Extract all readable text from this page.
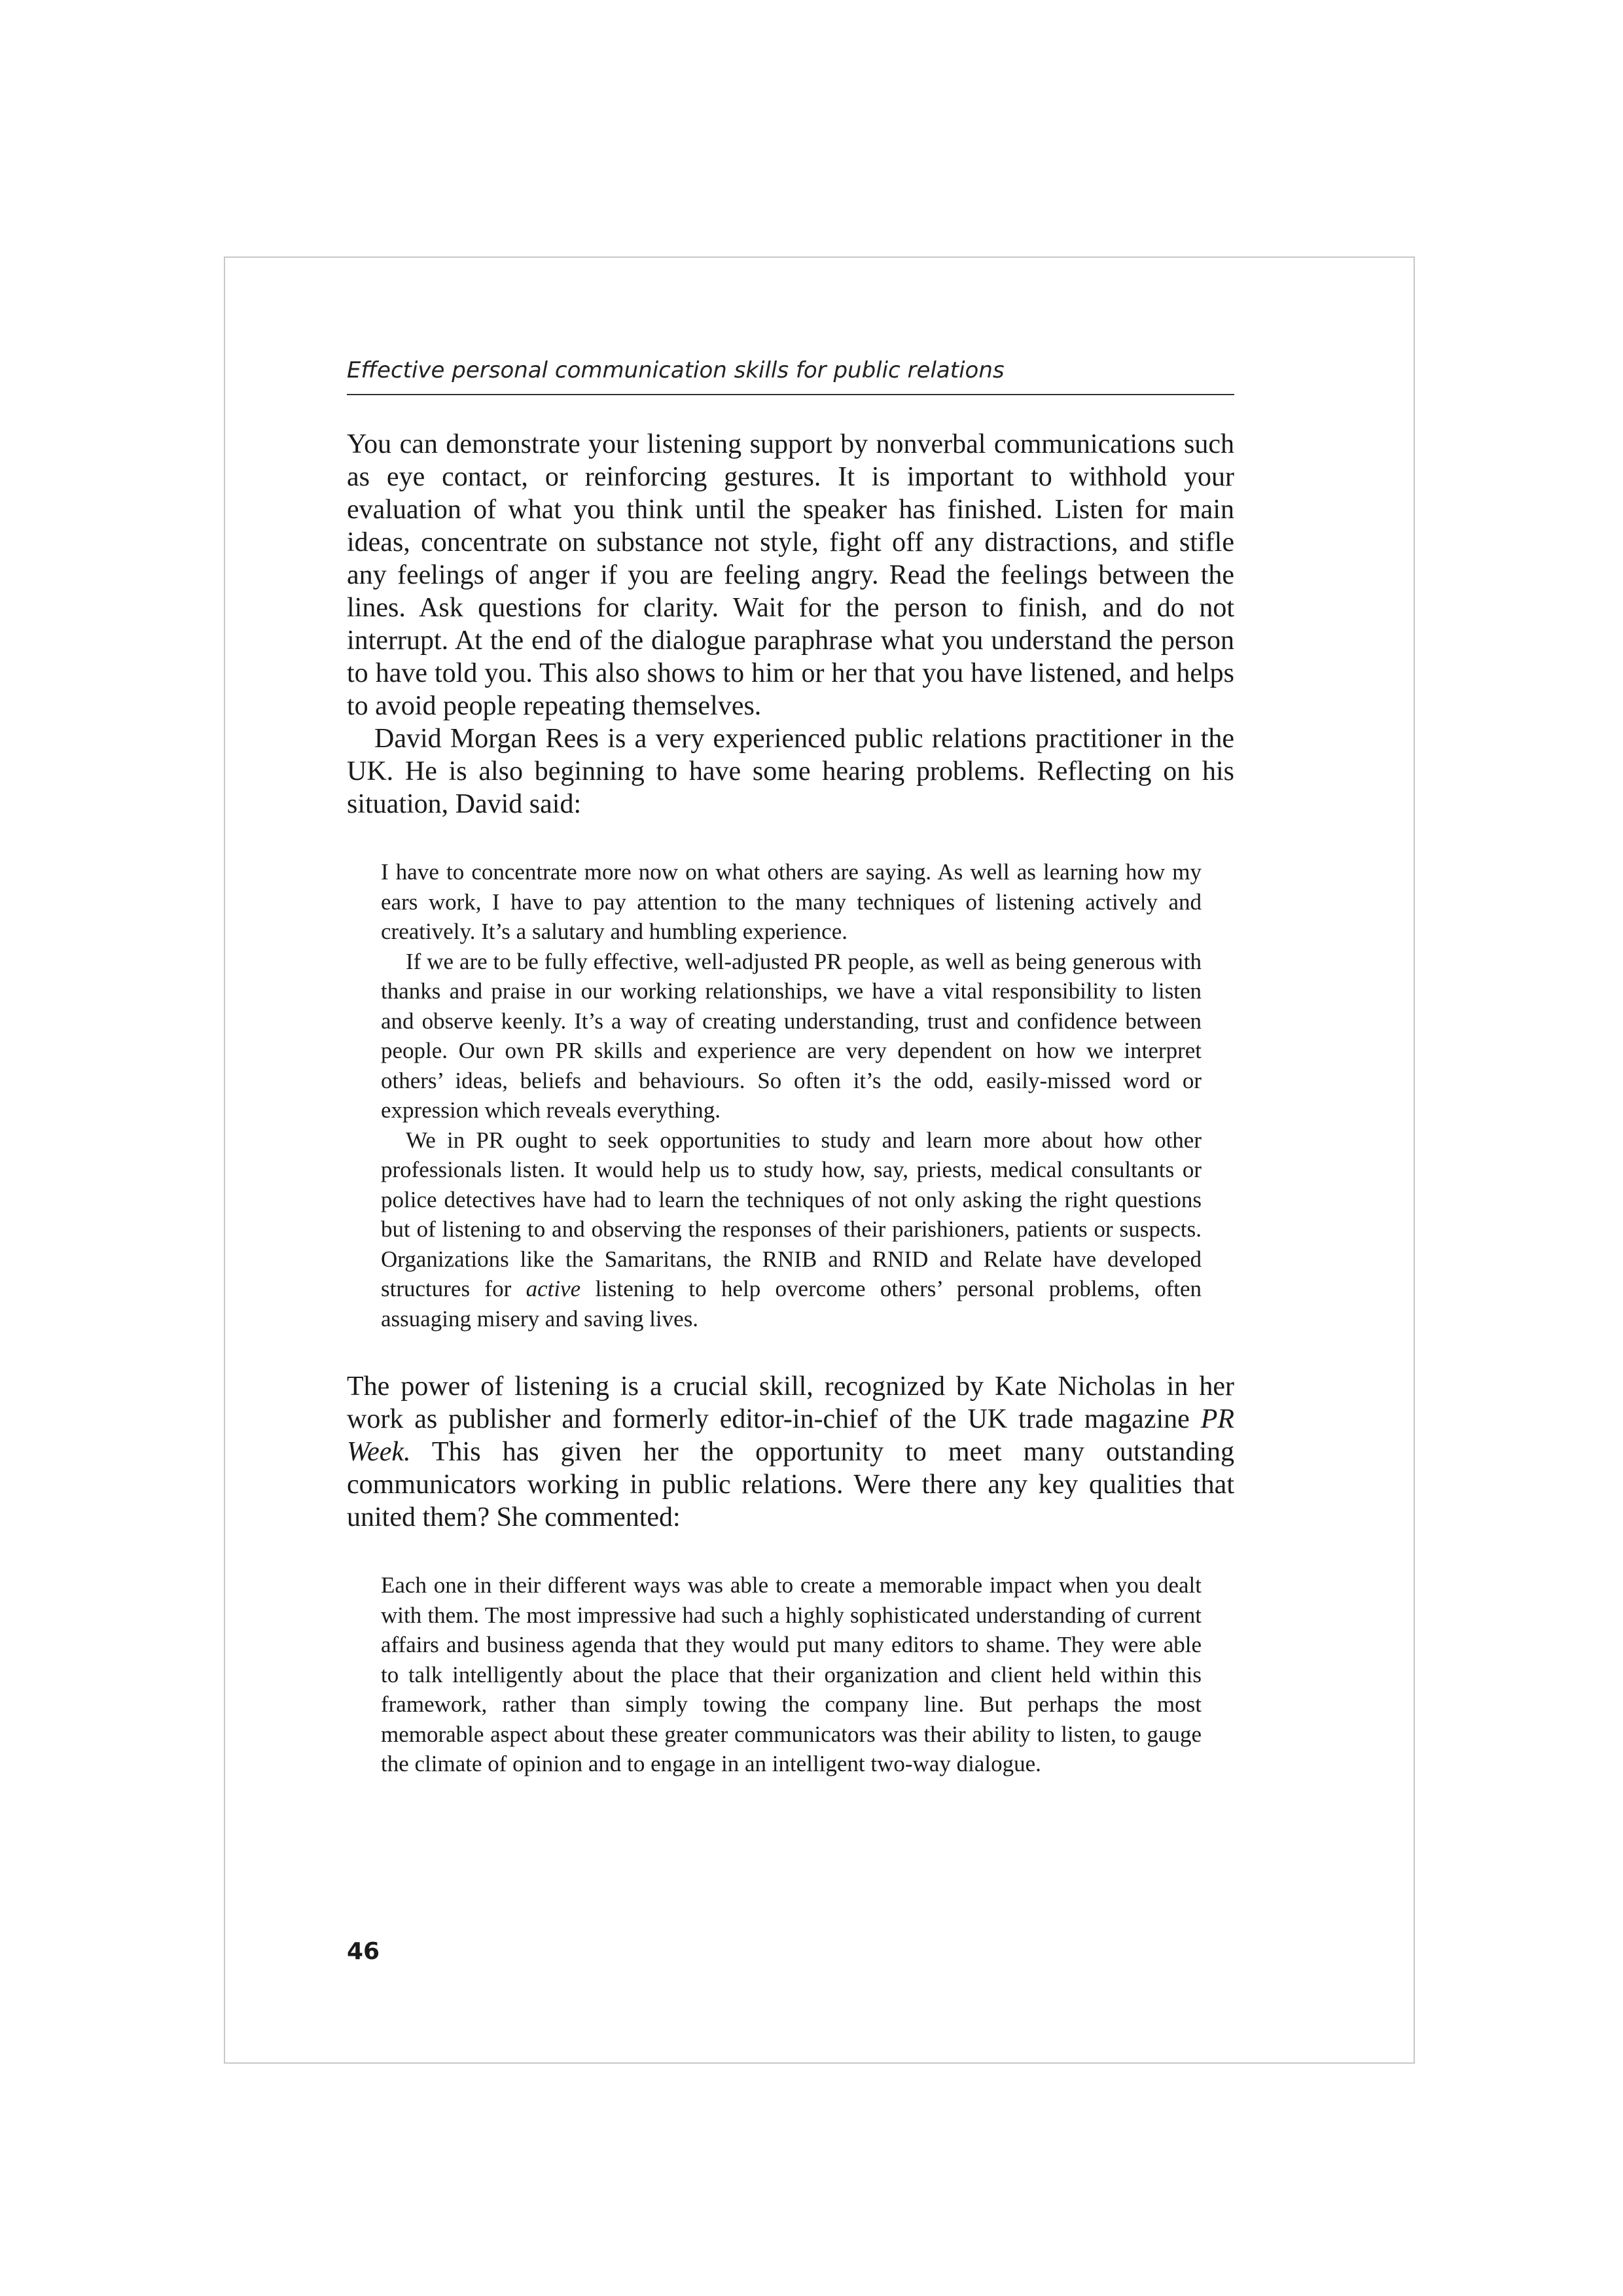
Effective personal communication skills for public relations

You can demonstrate your listening support by nonverbal communications such as eye contact, or reinforcing gestures. It is important to withhold your evaluation of what you think until the speaker has finished. Listen for main ideas, concentrate on substance not style, fight off any distractions, and stifle any feelings of anger if you are feeling angry. Read the feelings between the lines. Ask questions for clarity. Wait for the person to finish, and do not interrupt. At the end of the dialogue paraphrase what you understand the person to have told you. This also shows to him or her that you have listened, and helps to avoid people repeating themselves.

David Morgan Rees is a very experienced public relations practitioner in the UK. He is also beginning to have some hearing problems. Reflecting on his situation, David said:

I have to concentrate more now on what others are saying. As well as learning how my ears work, I have to pay attention to the many techniques of listening actively and creatively. It’s a salutary and humbling experience.

If we are to be fully effective, well-adjusted PR people, as well as being generous with thanks and praise in our working relationships, we have a vital responsibility to listen and observe keenly. It’s a way of creating understanding, trust and confidence between people. Our own PR skills and experience are very dependent on how we interpret others’ ideas, beliefs and behaviours. So often it’s the odd, easily-missed word or expression which reveals everything.

We in PR ought to seek opportunities to study and learn more about how other professionals listen. It would help us to study how, say, priests, medical consultants or police detectives have had to learn the techniques of not only asking the right questions but of listening to and observing the responses of their parishioners, patients or suspects. Organizations like the Samaritans, the RNIB and RNID and Relate have developed structures for active listening to help overcome others’ personal problems, often assuaging misery and saving lives.

The power of listening is a crucial skill, recognized by Kate Nicholas in her work as publisher and formerly editor-in-chief of the UK trade magazine PR Week. This has given her the opportunity to meet many outstanding communicators working in public relations. Were there any key qualities that united them? She commented:

Each one in their different ways was able to create a memorable impact when you dealt with them. The most impressive had such a highly sophisticated understanding of current affairs and business agenda that they would put many editors to shame. They were able to talk intelligently about the place that their organization and client held within this framework, rather than simply towing the company line. But perhaps the most memorable aspect about these greater communicators was their ability to listen, to gauge the climate of opinion and to engage in an intelligent two-way dialogue.

46
